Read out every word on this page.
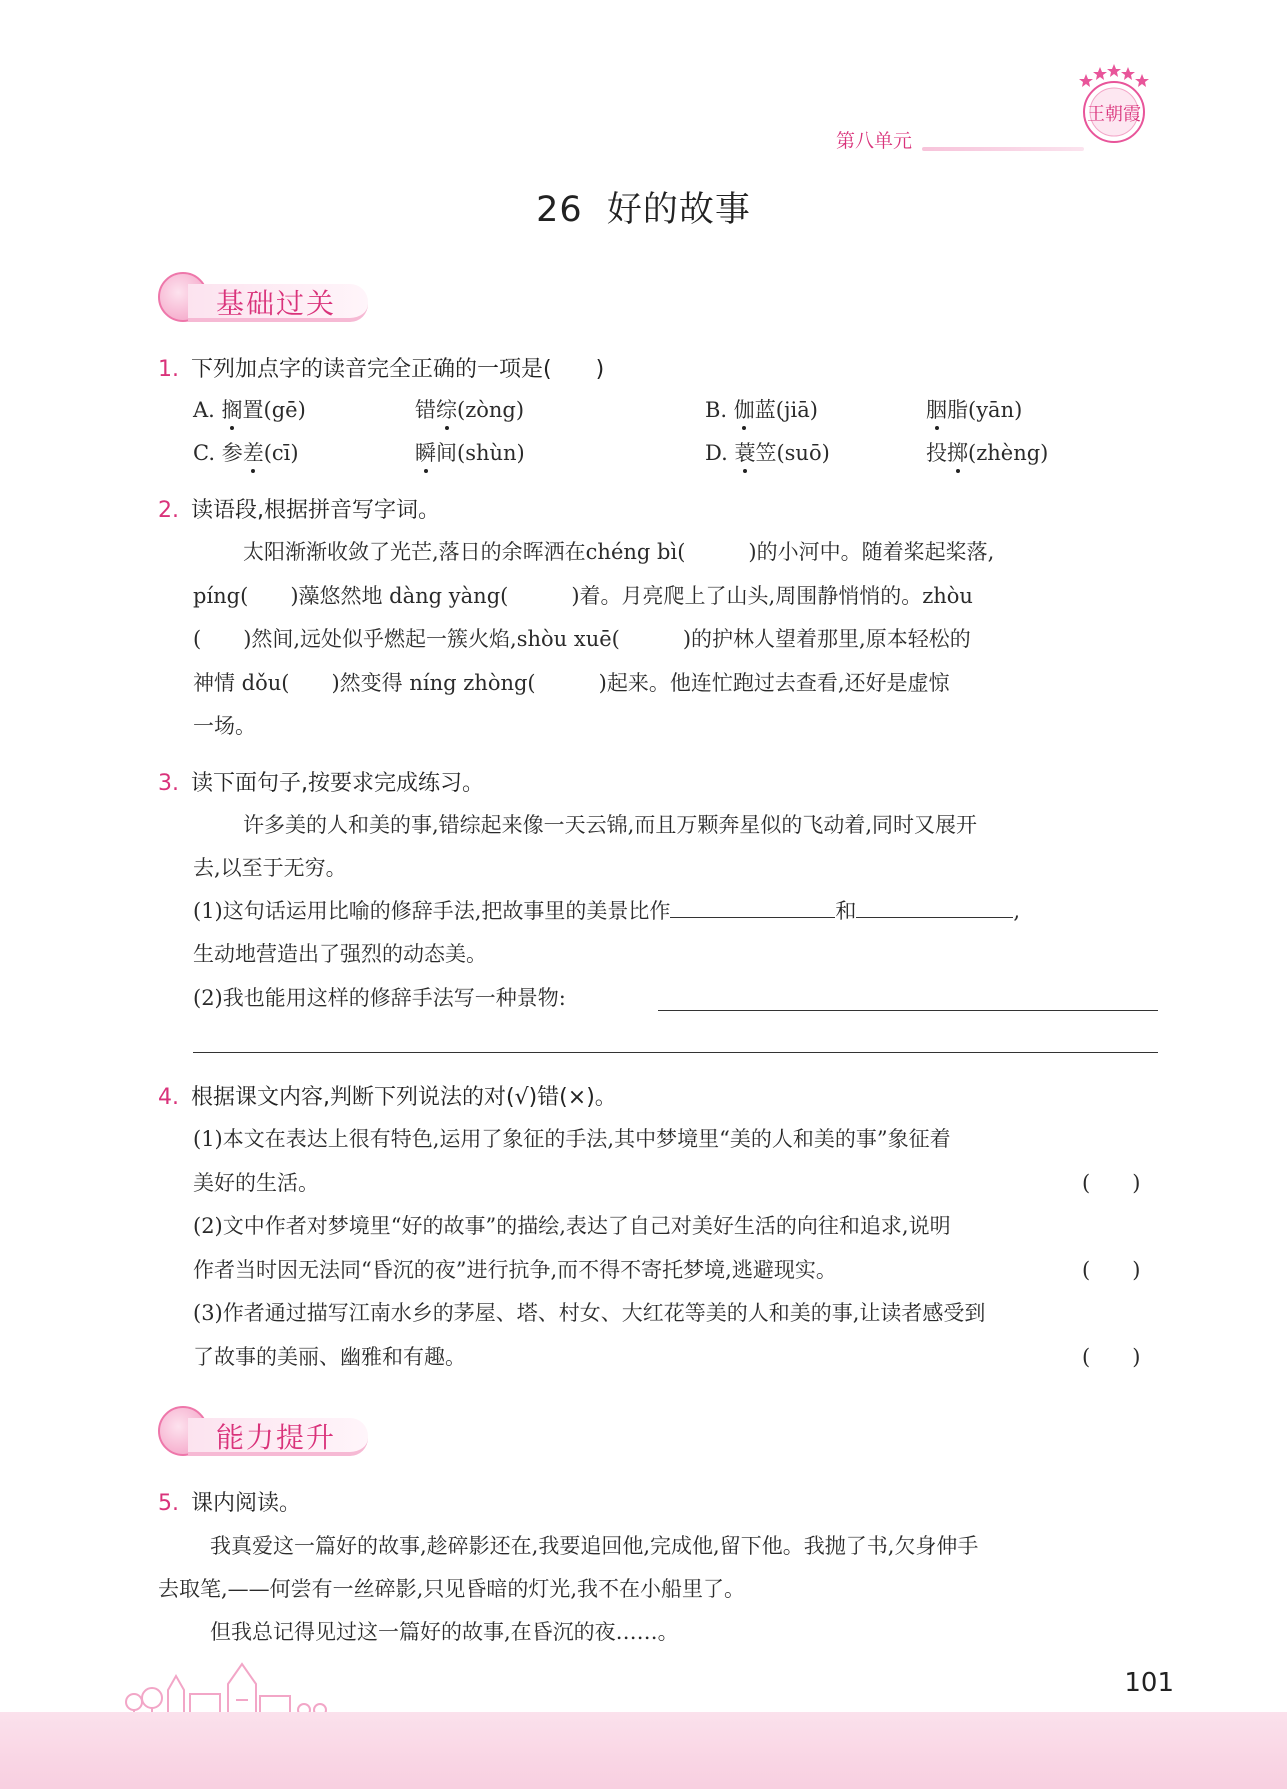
王朝霞
第八单元
26 好的故事
基础过关
1. 下列加点字的读音完全正确的一项是(　　)
A. 搁置(gē)	错综(zòng)	B. 伽蓝(jiā)	胭脂(yān)
C. 参差(cī)	瞬间(shùn)	D. 蓑笠(suō)	投掷(zhèng)
2. 读语段,根据拼音写字词。
太阳渐渐收敛了光芒,落日的余晖洒在chéng bì(　　　)的小河中。随着桨起桨落,
píng(　　)藻悠然地 dàng yàng(　　　)着。月亮爬上了山头,周围静悄悄的。zhòu
(　　)然间,远处似乎燃起一簇火焰,shòu xuē(　　　)的护林人望着那里,原本轻松的
神情 dǒu(　　)然变得 níng zhòng(　　　)起来。他连忙跑过去查看,还好是虚惊
一场。
3. 读下面句子,按要求完成练习。
许多美的人和美的事,错综起来像一天云锦,而且万颗奔星似的飞动着,同时又展开
去,以至于无穷。
(1)这句话运用比喻的修辞手法,把故事里的美景比作	和	,
生动地营造出了强烈的动态美。
(2)我也能用这样的修辞手法写一种景物:
4. 根据课文内容,判断下列说法的对(√)错(×)。
(1)本文在表达上很有特色,运用了象征的手法,其中梦境里“美的人和美的事”象征着
美好的生活。	(　　)
(2)文中作者对梦境里“好的故事”的描绘,表达了自己对美好生活的向往和追求,说明
作者当时因无法同“昏沉的夜”进行抗争,而不得不寄托梦境,逃避现实。	(　　)
(3)作者通过描写江南水乡的茅屋、塔、村女、大红花等美的人和美的事,让读者感受到
了故事的美丽、幽雅和有趣。	(　　)
能力提升
5. 课内阅读。
我真爱这一篇好的故事,趁碎影还在,我要追回他,完成他,留下他。我抛了书,欠身伸手
去取笔,——何尝有一丝碎影,只见昏暗的灯光,我不在小船里了。
但我总记得见过这一篇好的故事,在昏沉的夜……。
101
